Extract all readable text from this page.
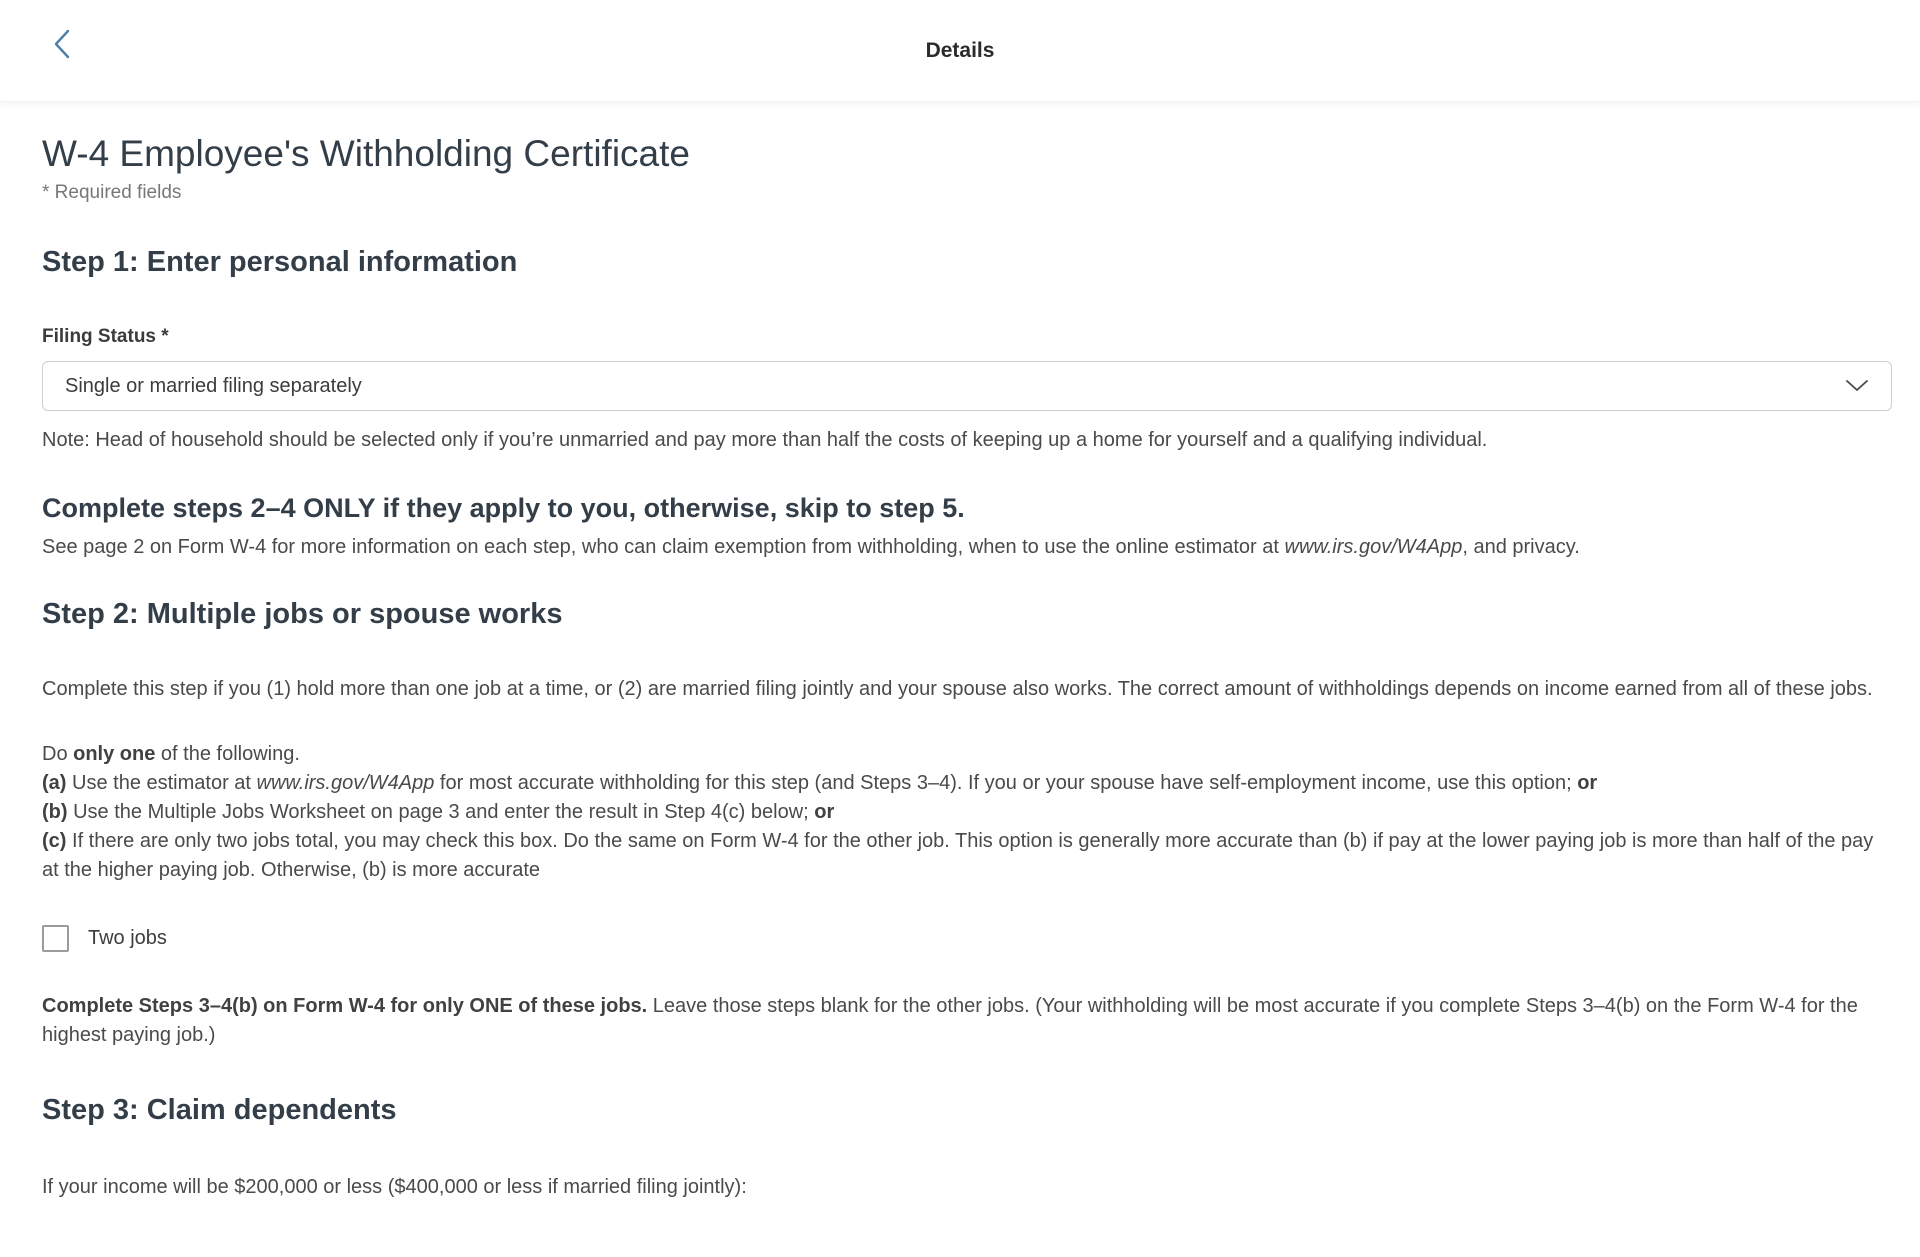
Details
W-4 Employee's Withholding Certificate
* Required fields
Step 1: Enter personal information
Filing Status *
Single or married filing separately

Note: Head of household should be selected only if you’re unmarried and pay more than half the costs of keeping up a home for yourself and a qualifying individual.

Complete steps 2–4 ONLY if they apply to you, otherwise, skip to step 5.

See page 2 on Form W-4 for more information on each step, who can claim exemption from withholding, when to use the online estimator at www.irs.gov/W4App, and privacy.

Step 2: Multiple jobs or spouse works

Complete this step if you (1) hold more than one job at a time, or (2) are married filing jointly and your spouse also works. The correct amount of withholdings depends on income earned from all of these jobs.

Do only one of the following.

(a) Use the estimator at www.irs.gov/W4App for most accurate withholding for this step (and Steps 3–4). If you or your spouse have self-employment income, use this option; or

(b) Use the Multiple Jobs Worksheet on page 3 and enter the result in Step 4(c) below; or

(c) If there are only two jobs total, you may check this box. Do the same on Form W-4 for the other job. This option is generally more accurate than (b) if pay at the lower paying job is more than half of the pay at the higher paying job. Otherwise, (b) is more accurate

Two jobs

Complete Steps 3–4(b) on Form W-4 for only ONE of these jobs. Leave those steps blank for the other jobs. (Your withholding will be most accurate if you complete Steps 3–4(b) on the Form W-4 for the highest paying job.)

Step 3: Claim dependents

If your income will be $200,000 or less ($400,000 or less if married filing jointly):
